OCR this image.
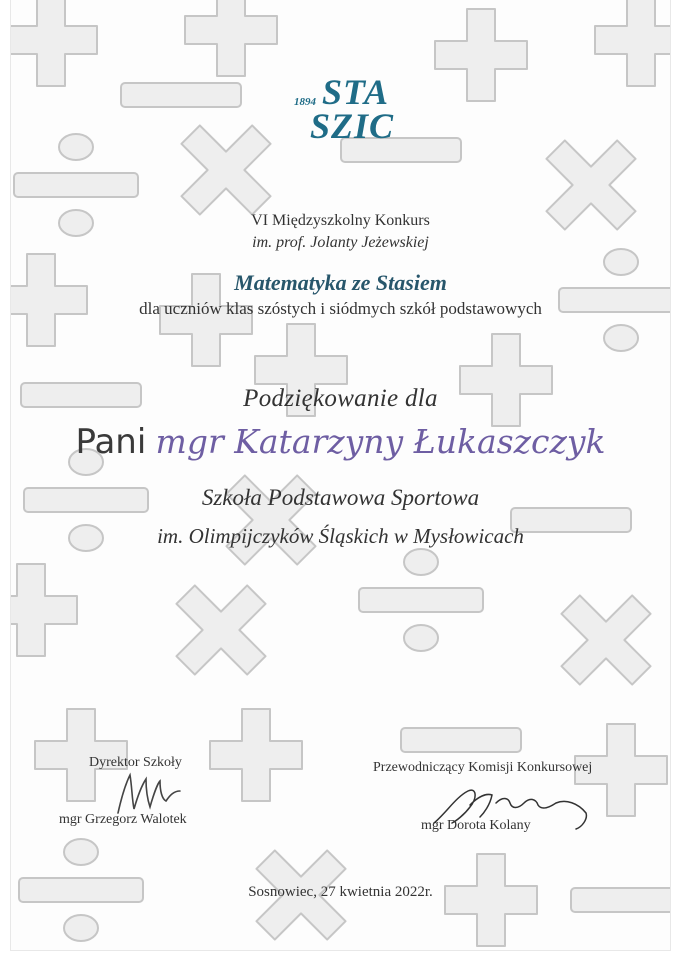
1894 STA
SZIC
VI Międzyszkolny Konkurs
im. prof. Jolanty Jeżewskiej
Matematyka ze Stasiem
dla uczniów klas szóstych i siódmych szkół podstawowych
Podziękowanie dla
Pani mgr Katarzyny Łukaszczyk
Szkoła Podstawowa Sportowa
im. Olimpijczyków Śląskich w Mysłowicach
Dyrektor Szkoły
mgr Grzegorz Walotek
Przewodniczący Komisji Konkursowej
mgr Dorota Kolany
Sosnowiec, 27 kwietnia 2022r.
